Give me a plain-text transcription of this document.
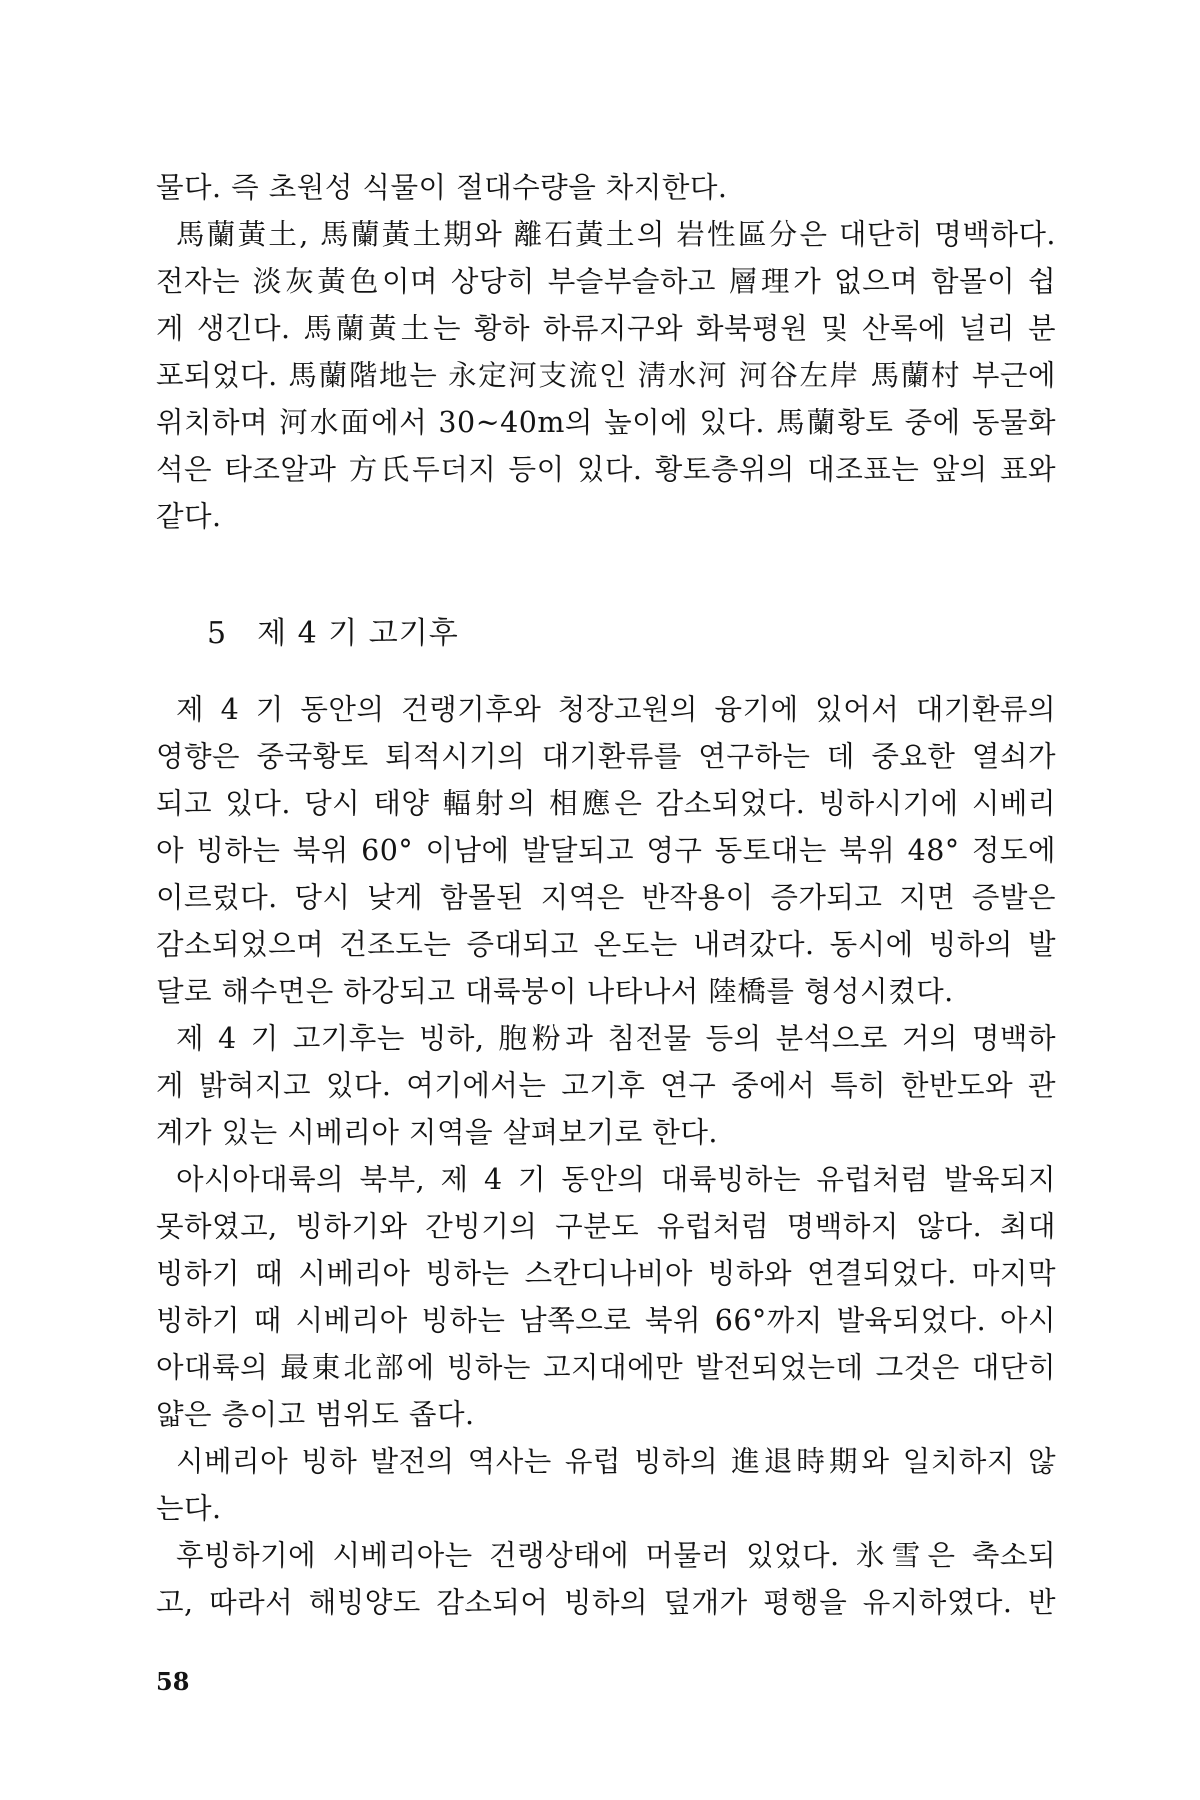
물다. 즉 초원성 식물이 절대수량을 차지한다.
馬蘭黃土, 馬蘭黃土期와 離石黃土의 岩性區分은 대단히 명백하다.
전자는 淡灰黃色이며 상당히 부슬부슬하고 層理가 없으며 함몰이 쉽
게 생긴다. 馬蘭黃土는 황하 하류지구와 화북평원 및 산록에 널리 분
포되었다. 馬蘭階地는 永定河支流인 淸水河 河谷左岸 馬蘭村 부근에
위치하며 河水面에서 30~40m의 높이에 있다. 馬蘭황토 중에 동물화
석은 타조알과 方氏두더지 등이 있다. 황토층위의 대조표는 앞의 표와
같다.
5 제 4 기 고기후
제 4 기 동안의 건랭기후와 청장고원의 융기에 있어서 대기환류의
영향은 중국황토 퇴적시기의 대기환류를 연구하는 데 중요한 열쇠가
되고 있다. 당시 태양 輻射의 相應은 감소되었다. 빙하시기에 시베리
아 빙하는 북위 60° 이남에 발달되고 영구 동토대는 북위 48° 정도에
이르렀다. 당시 낮게 함몰된 지역은 반작용이 증가되고 지면 증발은
감소되었으며 건조도는 증대되고 온도는 내려갔다. 동시에 빙하의 발
달로 해수면은 하강되고 대륙붕이 나타나서 陸橋를 형성시켰다.
제 4 기 고기후는 빙하, 胞粉과 침전물 등의 분석으로 거의 명백하
게 밝혀지고 있다. 여기에서는 고기후 연구 중에서 특히 한반도와 관
계가 있는 시베리아 지역을 살펴보기로 한다.
아시아대륙의 북부, 제 4 기 동안의 대륙빙하는 유럽처럼 발육되지
못하였고, 빙하기와 간빙기의 구분도 유럽처럼 명백하지 않다. 최대
빙하기 때 시베리아 빙하는 스칸디나비아 빙하와 연결되었다. 마지막
빙하기 때 시베리아 빙하는 남쪽으로 북위 66°까지 발육되었다. 아시
아대륙의 最東北部에 빙하는 고지대에만 발전되었는데 그것은 대단히
얇은 층이고 범위도 좁다.
시베리아 빙하 발전의 역사는 유럽 빙하의 進退時期와 일치하지 않
는다.
후빙하기에 시베리아는 건랭상태에 머물러 있었다. 氷雪은 축소되
고, 따라서 해빙양도 감소되어 빙하의 덮개가 평행을 유지하였다. 반
58
